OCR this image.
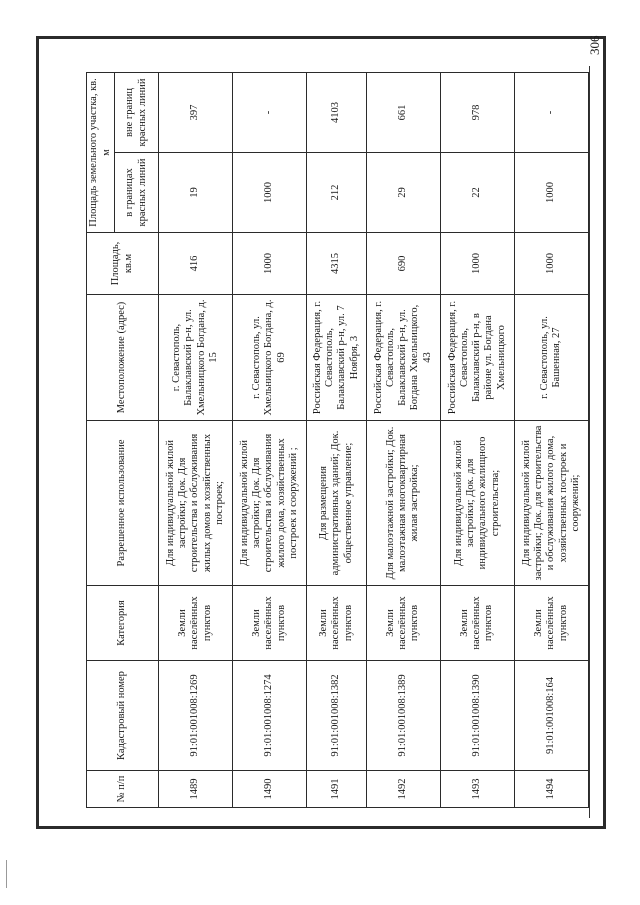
306
№ п/п	Кадастровый номер	Категория	Разрешенное использование	Местоположение (адрес)	Площадь, кв.м	Площадь земельного участка, кв. м	
						в границах красных линий	вне границ красных линий
1489	91:01:001008:1269	Земли населённых пунктов	Для индивидуальной жилой застройки; Док. Для строительства и обслуживания жилых домов и хозяйственных построек;	г. Севастополь, Балаклавский р-н, ул. Хмельницкого Богдана, д. 15	416	19	397
1490	91:01:001008:1274	Земли населённых пунктов	Для индивидуальной жилой застройки; Док. Для строительства и обслуживания жилого дома, хозяйственных построек и сооружений ;	г. Севастополь, ул. Хмельницкого Богдана, д. 69	1000	1000	-
1491	91:01:001008:1382	Земли населённых пунктов	Для размещения административных зданий; Док. общественное управление;	Российская Федерация, г. Севастополь, Балаклавский р-н, ул. 7 Ноября, 3	4315	212	4103
1492	91:01:001008:1389	Земли населённых пунктов	Для малоэтажной застройки; Док. малоэтажная многоквартирная жилая застройка;	Российская Федерация, г. Севастополь, Балаклавский р-н, ул. Богдана Хмельницкого, 43	690	29	661
1493	91:01:001008:1390	Земли населённых пунктов	Для индивидуальной жилой застройки; Док. для индивидуального жилищного строительства;	Российская Федерация, г. Севастополь, Балаклавский р-н, в районе ул. Богдана Хмельницкого	1000	22	978
1494	91:01:001008:164	Земли населённых пунктов	Для индивидуальной жилой застройки; Док. для строительства и обслуживания жилого дома, хозяйственных построек и сооружений;	г. Севастополь, ул. Башенная, 27	1000	1000	-
